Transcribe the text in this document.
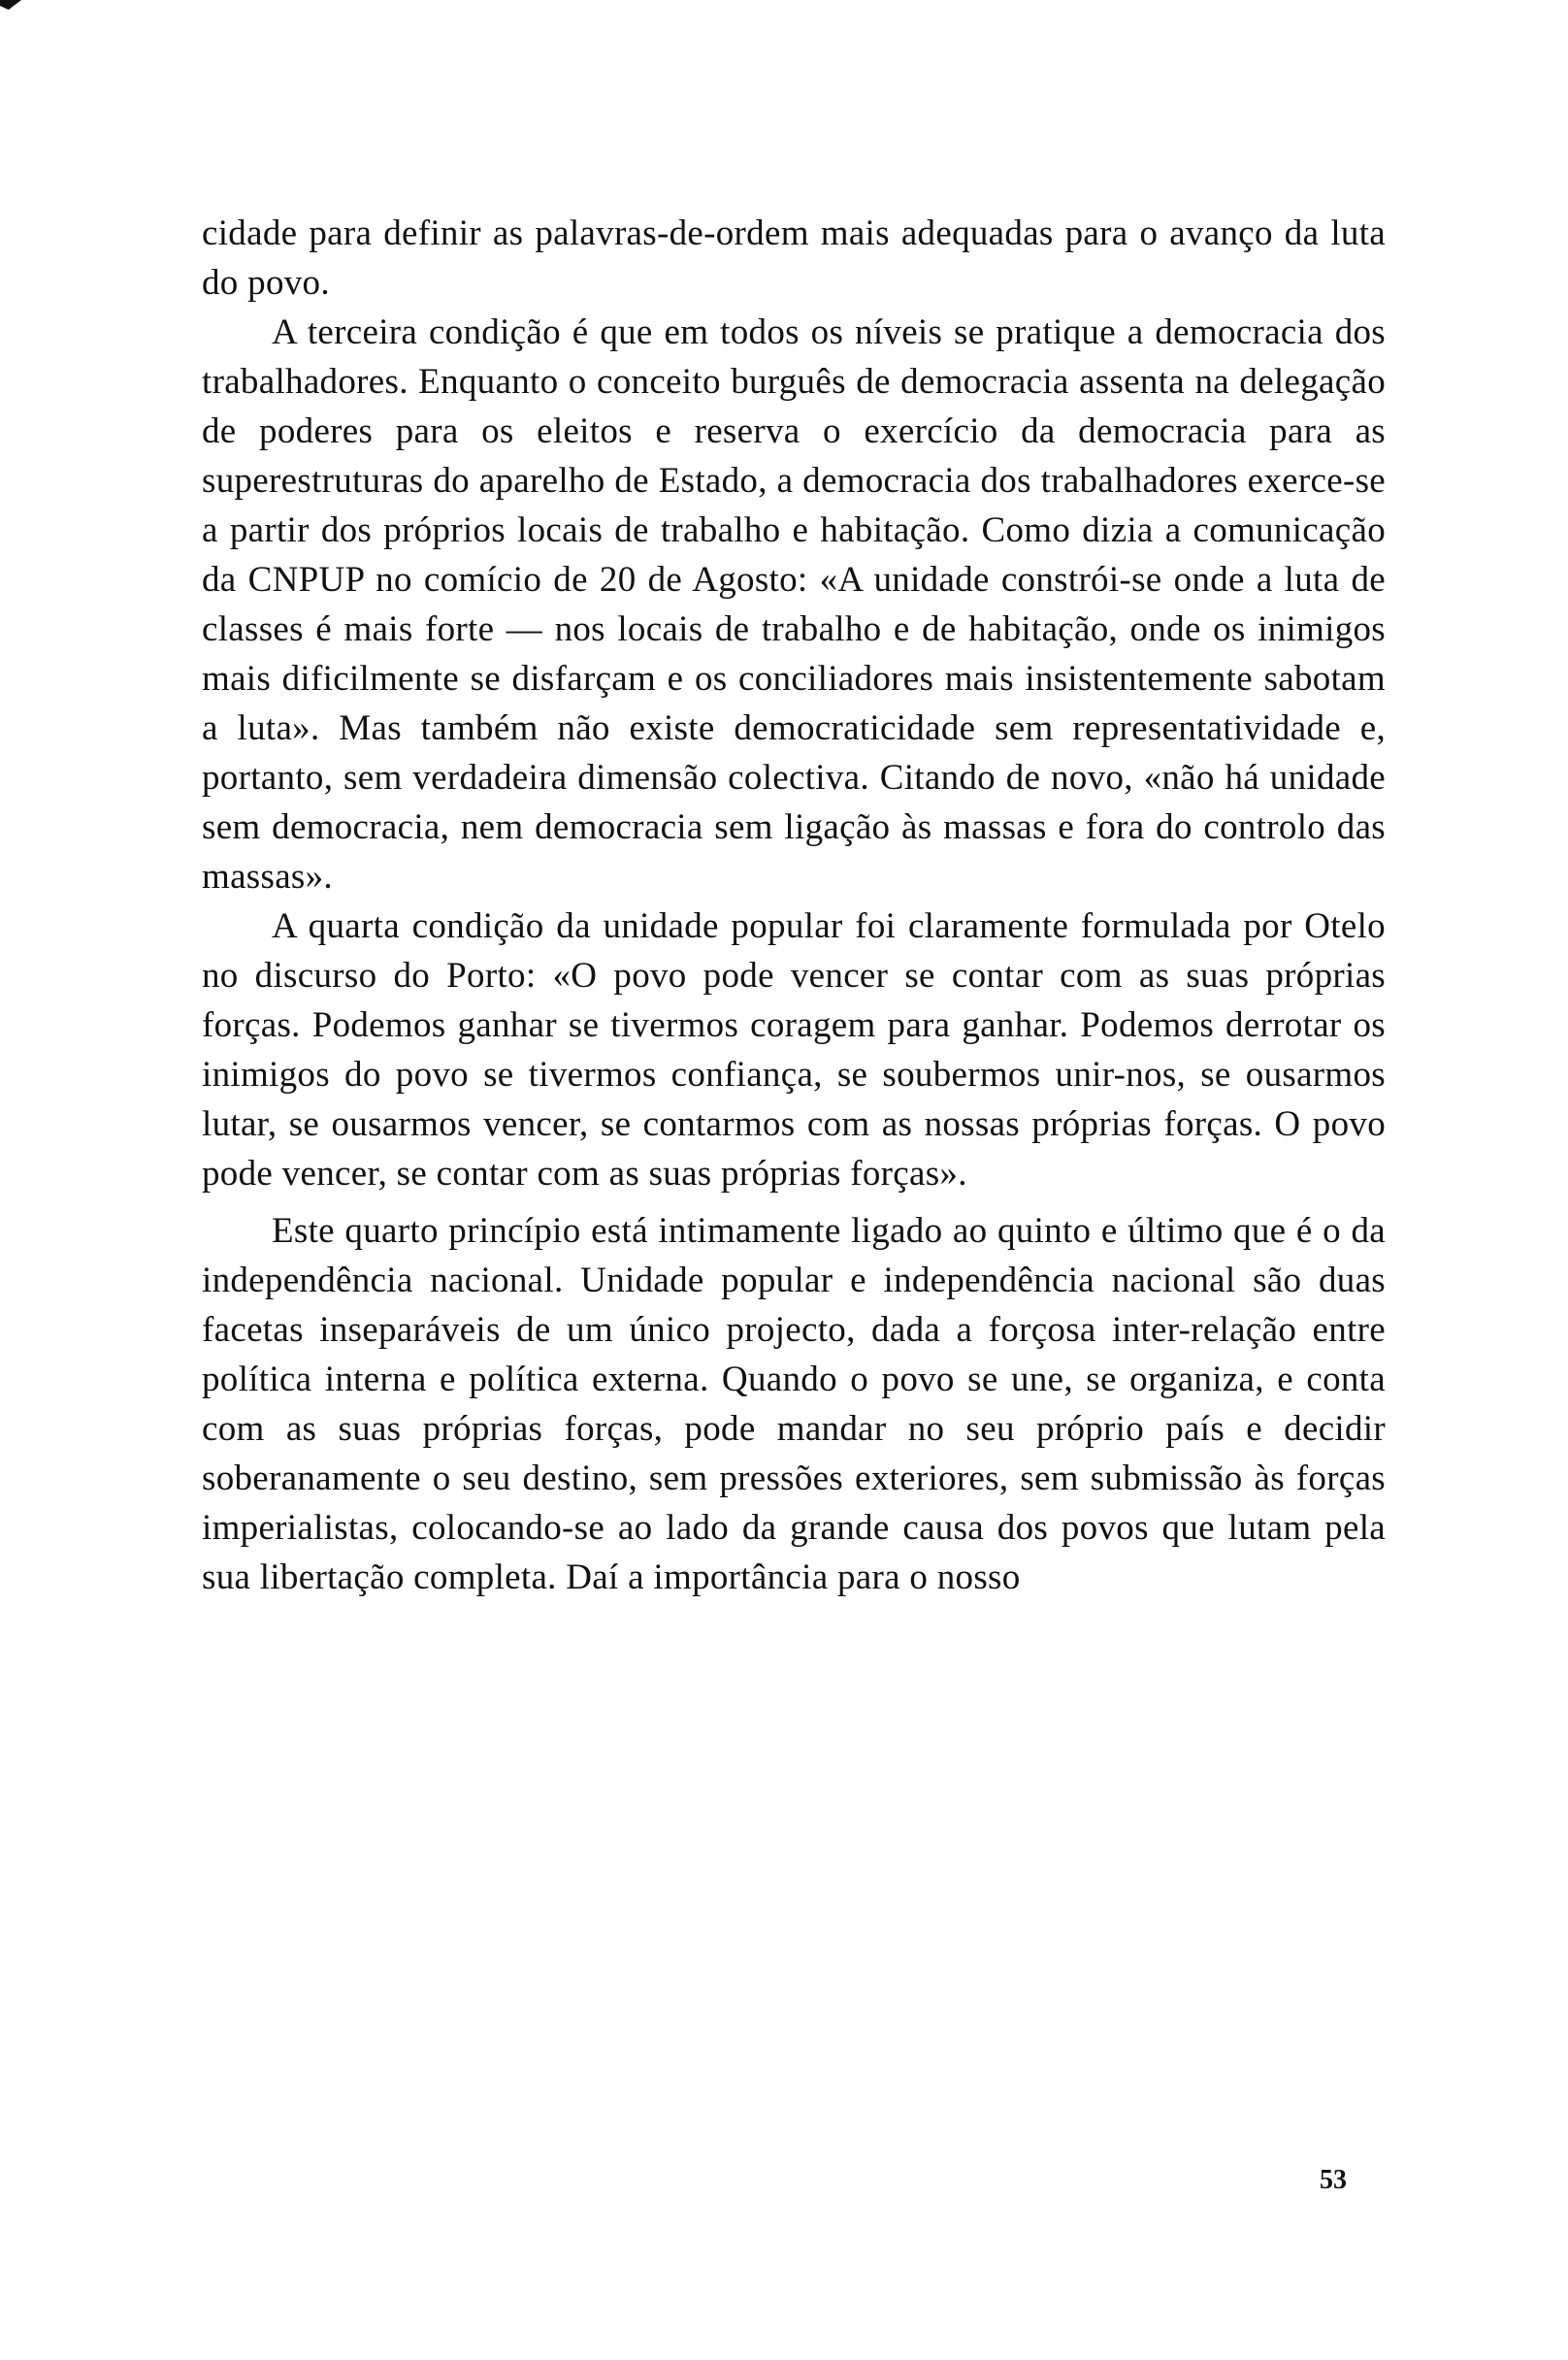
cidade para definir as palavras-de-ordem mais adequadas para o avanço da luta do povo.

A terceira condição é que em todos os níveis se pratique a democracia dos trabalhadores. Enquanto o conceito burguês de democracia assenta na delegação de poderes para os eleitos e reserva o exercício da democracia para as superestruturas do aparelho de Estado, a democracia dos trabalhadores exerce-se a partir dos próprios locais de trabalho e habitação. Como dizia a comunicação da CNPUP no comício de 20 de Agosto: «A unidade constrói-se onde a luta de classes é mais forte — nos locais de trabalho e de habitação, onde os inimigos mais dificilmente se disfarçam e os conciliadores mais insistentemente sabotam a luta». Mas também não existe democraticidade sem representatividade e, portanto, sem verdadeira dimensão colectiva. Citando de novo, «não há unidade sem democracia, nem democracia sem ligação às massas e fora do controlo das massas».

A quarta condição da unidade popular foi claramente formulada por Otelo no discurso do Porto: «O povo pode vencer se contar com as suas próprias forças. Podemos ganhar se tivermos coragem para ganhar. Podemos derrotar os inimigos do povo se tivermos confiança, se soubermos unir-nos, se ousarmos lutar, se ousarmos vencer, se contarmos com as nossas próprias forças. O povo pode vencer, se contar com as suas próprias forças».

Este quarto princípio está intimamente ligado ao quinto e último que é o da independência nacional. Unidade popular e independência nacional são duas facetas inseparáveis de um único projecto, dada a forçosa inter-relação entre política interna e política externa. Quando o povo se une, se organiza, e conta com as suas próprias forças, pode mandar no seu próprio país e decidir soberanamente o seu destino, sem pressões exteriores, sem submissão às forças imperialistas, colocando-se ao lado da grande causa dos povos que lutam pela sua libertação completa. Daí a importância para o nosso

53
